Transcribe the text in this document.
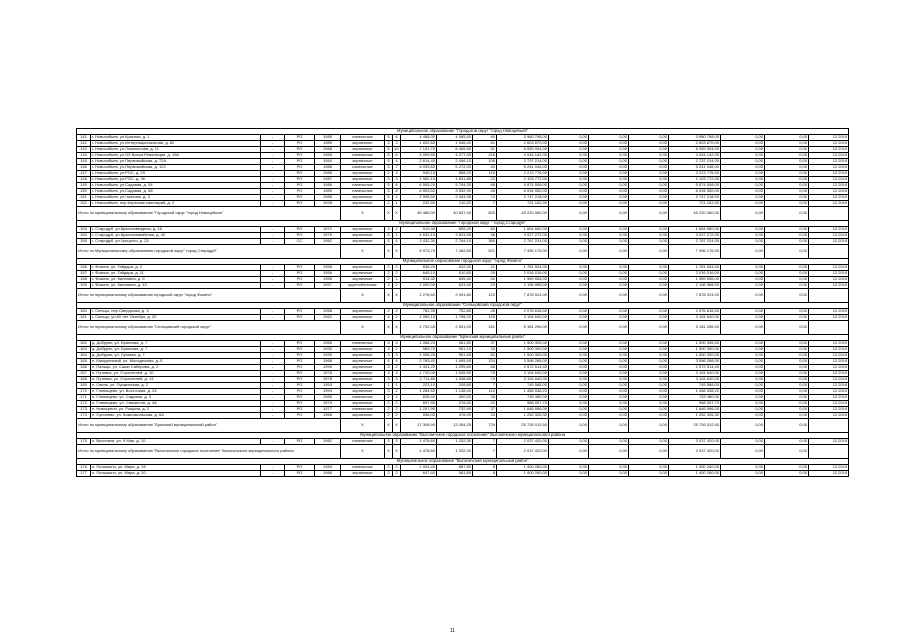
Муниципальное образование "Городской округ "город Новоцибьев"																		
141	г. Новосибьев, ул.Красная, д. 1	-	PO	1985	панельные	5	6	4 468,00	4 065,40	40	3 960 798,00	0,00	0,00	0,00	3 960 798,00	0,00	0,00	12.2019
142	г. Новосибьев, ул.Интернациональная, д. 82	-	PO	1989	кирпичные	3	3	1 692,60	1 546,00	51	2 603 870,00	0,00	0,00	0,00	2 603 870,00	0,00	0,00	12.2019
143	г. Новосибьев, ул.Ломоносова, д. 11	-	PO	1968	кирпичные	5	10	7 131,70	6 406,50	51	6 059 004,00	0,00	0,00	0,00	6 059 004,00	0,00	0,00	12.2019
144	г. Новосибьев, ул.ОХ Восьа Революции, д. 19А	-	PO	1965	панельные	5	6	4 099,50	4 277,00	216	4 044 142,00	0,00	0,00	0,00	4 044 142,00	0,00	0,00	12.2019
145	г. Новосибьев, ул.Первомайская, д. 72А	-	PO	1984	кирпичные	5	4	2 814,40	2 496,10	106	2 737 214,00	0,00	0,00	0,00	2 737 214,00	0,00	0,00	12.2019
146	г. Новосибьев, ул.Первомайская, д. 122	-	PO	1988	панельные	5	7	6 039,60	5 272,00	40	5 241 046,00	0,00	0,00	0,00	5 241 046,00	0,00	0,00	12.2019
147	г. Новосибьев, ул.РОС, д. 29	-	PO	1986	кирпичные	2	3	945,10	858,20	118	2 213 776,00	0,00	0,00	0,00	2 213 776,00	0,00	0,00	12.2019
148	г. Новосибьев, ул.РОС, д. 36	-	PO	1987	кирпичные	3	3	1 982,10	1 831,80	22	2 103 772,00	0,00	0,00	0,00	2 103 772,00	0,00	0,00	12.2019
149	г. Новосибьев, ул.Садовая, д. 54	-	PO	1988	панельные	5	8	6 505,20	5 704,30	68	5 874 508,00	0,00	0,00	0,00	5 874 508,00	0,00	0,00	12.2019
150	г. Новосибьев, ул.Садовая, д. 58	-	PO	1989	панельные	5	8	6 593,50	3 532,90	45	6 094 550,00	0,00	0,00	0,00	6 094 550,00	0,00	0,00	12.2019
151	г. Новосибьев, ул.Чкалова, д. 3	-	PO	1986	кирпичные	5	1	2 998,50	2 443,35	74	2 747 218,00	0,00	0,00	0,00	2 747 218,00	0,00	0,00	12.2019
152	г. Новосибьев, пер.Березняк санитарий, д. 2	-	PO	1928	кирпичные	2	1	232,50	210,20	7	721 162,00	0,00	0,00	0,00	721 162,00	0,00	0,00	12.2019
Итого по муниципальному образованию "Городской округ "город Новоцибьев"					X	X	X	45 485,00	40 837,40	820	45 220 060,00	0,00	0,00	0,00	45 220 060,00	0,00	0,00	
Муниципальное образование "городской округ " город Стародуб"																		
153	г. Стародуб, ул.Краснозвездная, д. 16	-	PO	1972	кирпичные	3	2	919,30	895,20	60	1 664 660,00	0,00	0,00	0,00	1 664 660,00	0,00	0,00	12.2019
154	г. Стародуб, ул.Краснознамённая, д. 42	-	PO	1975	кирпичные	5	1	4 632,10	3 823,30	46	3 027 272,00	0,00	0,00	0,00	3 027 272,00	0,00	0,00	12.2019
155	г. Стародуб, ул.Урицкого, д. 23	-	CC	1982	кирпичные	5	4	3 432,30	2 764,10	385	2 787 224,00	0,00	0,00	0,00	2 787 224,00	0,00	0,00	12.2019
Итого по Муниципальному образованию городской округ" город Стародуб"					X	X	X	8 973,70	7 482,60	521	7 496 176,00	0,00	0,00	0,00	7 496 176,00	0,00	0,00	
Муниципальное образование городской округ "город Фокино"																		
156	г. Фокино, ул. Гайдара, д. 2	-	PO	1958	кирпичные	2	2	636,20	622,20	21	1 761 534,00	0,00	0,00	0,00	1 761 534,00	0,00	0,00	12.2019
157	г. Фокино, ул. Гайдара, д. 11	-	PO	1956	кирпичные	2	2	645,10	610,80	29	2 016 016,00	0,00	0,00	0,00	2 016 016,00	0,00	0,00	12.2019
158	г. Фокино, ул. Калинина, д. 5	-	PO	1955	кирпичные	2	1	914,30	635,40	52	1 969 506,00	0,00	0,00	0,00	1 969 506,00	0,00	0,00	12.2019
159	г. Фокино, ул. Калинина, д. 10	-	PO	1957	крупноблочные	3	2	1 000,00	623,40	29	2 106 968,00	0,00	0,00	0,00	2 106 968,00	0,00	0,00	12.2019
Итого по муниципальному образованию городской округ "город Фокино"					X	X	X	2 276,60	2 491,80	122	7 878 024,00	0,00	0,00	0,00	7 878 024,00	0,00	0,00	
Муниципальное образование "Сельцовский городской округ"																		
160	г. Сельцо, пер.Свердлова, д. 3	-	PO	1958	кирпичные	2	2	782,35	752,80	26	2 076 616,00	0,00	0,00	0,00	2 076 616,00	0,00	0,00	12.2019
161	г. Сельцо, ул.60 лет Октября, д. 20	-	PO	1962	кирпичные	4	2	1 950,10	1 798,20	125	3 104 640,00	0,00	0,00	0,00	3 104 640,00	0,00	0,00	12.2019
Итого по муниципальному образованию "Сельцовский городской округ"					X	X	X	2 732,45	2 501,00	151	5 181 256,00	0,00	0,00	0,00	5 181 256,00	0,00	0,00	
Муниципальное образование "Брянский муниципальный район"																		
162	д. Добрунь, ул. Брянская, д. 7	-	PO	1965	панельные	3	3	1 068,20	961,60	37	1 500 306,00	0,00	0,00	0,00	1 500 306,00	0,00	0,00	12.2019
163	д. Добрунь, ул. Брянская, д. 7	-	PO	1992	кирпичные	3	2	989,70	961,10	33	1 500 300,00	0,00	0,00	0,00	1 500 300,00	0,00	0,00	12.2019
164	д. Добрунь, ул. Луговая, д. 7	-	PO	1999	кирпичные	3	3	1 058,20	961,60	52	1 500 300,00	0,00	0,00	0,00	1 500 300,00	0,00	0,00	12.2019
165	п. Мичуринский, ул. Молодежная, д. 5	-	PO	1968	кирпичные	4	4	2 783,40	1 695,40	124	3 596 268,00	0,00	0,00	0,00	3 596 268,00	0,00	0,00	12.2019
166	п. Пальцо, ул. Саши Сабирова, д. 2	-	PO	1990	кирпичные	3	2	1 441,20	1 295,60	68	2 572 514,40	0,00	0,00	0,00	2 572 514,40	0,00	0,00	12.2019
167	п. Путевка, ул. Строителей, д. 10	-	PO	1978	кирпичные	3	3	1 710,00	1 545,90	75	3 104 640,00	0,00	0,00	0,00	3 104 640,00	0,00	0,00	12.2019
168	п. Путевка, ул. Строителей, д. 13	-	PO	1978	кирпичные	3	3	1 711,80	1 548,80	74	3 104 640,00	0,00	0,00	0,00	3 104 640,00	0,00	0,00	12.2019
169	п. Свень, ул. Пушкинская, д. 2	-	PO	1953	кирпичные	1	1	223,10	208,80	7	745 588,00	0,00	0,00	0,00	745 588,00	0,00	0,00	12.2018
170	п. Глинищево, ул. Восточная, д. 24	-	PO	1994	кирпичные	3	2	1 284,60	1 138,40	110	1 458 538,20	0,00	0,00	0,00	1 458 538,20	0,00	0,00	12.2019
171	п. Глинищево, ул. Садовая, д. 3	-	PO	1980	панельные	2	1	636,40	400,20	26	733 480,00	0,00	0,00	0,00	733 480,00	0,00	0,00	12.2019
172	п. Глинищево, ул. Связистов, д. 3А	-	PO	1979	кирпичные	2	2	697,90	276,00	22	988 057,70	0,00	0,00	0,00	988 057,70	0,00	0,00	12.2019
173	п. Новосрели, ул. Рощина, д. 2	-	PO	1977	панельные	2	2	1 257,90	732,90	37	1 646 996,00	0,00	0,00	0,00	1 646 996,00	0,00	0,00	12.2019
174	п. Супонево, ул. Комсомольская, д. 6А	-	PO	1968	кирпичные	2	2	538,00	476,00	33	1 252 326,30	0,00	0,00	0,00	1 252 326,30	0,00	0,00	12.2019
Итого по муниципальному образованию "Брянский муниципальный район"					X	X	X	17 308,90	13 264,20	729	25 726 012,50	0,00	0,00	0,00	25 726 012,50	0,00	0,00	
Муниципальное образование "Выгоничское городское поселение" Выгоничского муниципального района																		
175	п. Выгоничи, ул. 9 Мая, д. 10	-	PO	1982	панельные	3	3	1 478,60	1 332,30	7	2 037 420,00	0,00	0,00	0,00	2 037 420,00	0,00	0,00	12.2019
Итого по муниципальному образованию "Выгоничское городское поселение" Выгоничского муниципального района					X	X	X	1 478,60	1 332,30	7	2 037 420,00	0,00	0,00	0,00	2 037 420,00	0,00	0,00	
Муниципальное образование "Выгоничский муниципальный район"																		
176	п. Пильшино, ул. Мира, д. 16	-	PO	1984	панельные	2	2	1 004,40	887,80	8	1 400 260,00	0,00	0,00	0,00	1 400 260,00	0,00	0,00	12.2019
177	п. Пильшино, ул. Мира, д. 20	-	PO	1988	кирпичные	2	2	647,40	581,80	8	1 400 260,00	0,00	0,00	0,00	1 400 260,00	0,00	0,00	12.2019
11
